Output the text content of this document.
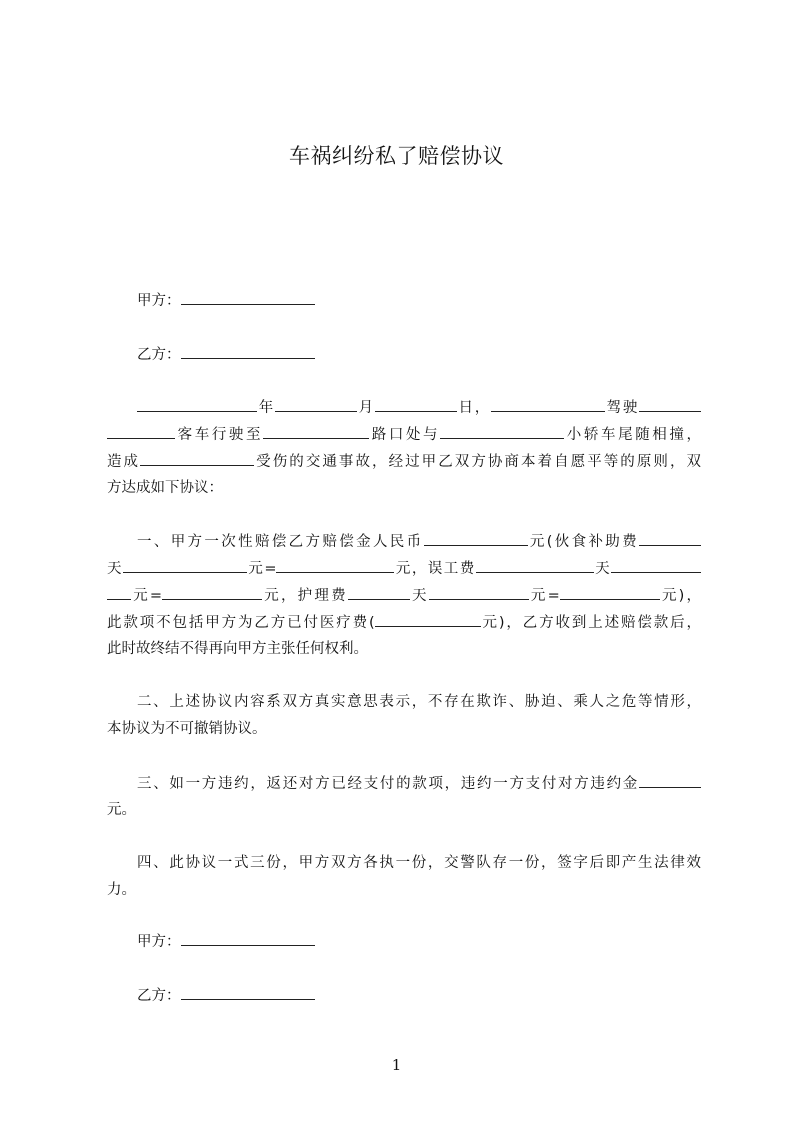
车祸纠纷私了赔偿协议
甲方：
乙方：
年	月	日，	驾驶
客车行驶至	路口处与	小轿车尾随相撞，
造成	受伤的交通事故，经过甲乙双方协商本着自愿平等的原则，双
方达成如下协议：
一、甲方一次性赔偿乙方赔偿金人民币	元(伙食补助费
天	元=	元，误工费	天
元=	元，护理费	天	元=	元)，
此款项不包括甲方为乙方已付医疗费(	元)，乙方收到上述赔偿款后，
此时故终结不得再向甲方主张任何权利。
二、上述协议内容系双方真实意思表示，不存在欺诈、胁迫、乘人之危等情形，
本协议为不可撤销协议。
三、如一方违约，返还对方已经支付的款项，违约一方支付对方违约金
元。
四、此协议一式三份，甲方双方各执一份，交警队存一份，签字后即产生法律效
力。
甲方：
乙方：
1
